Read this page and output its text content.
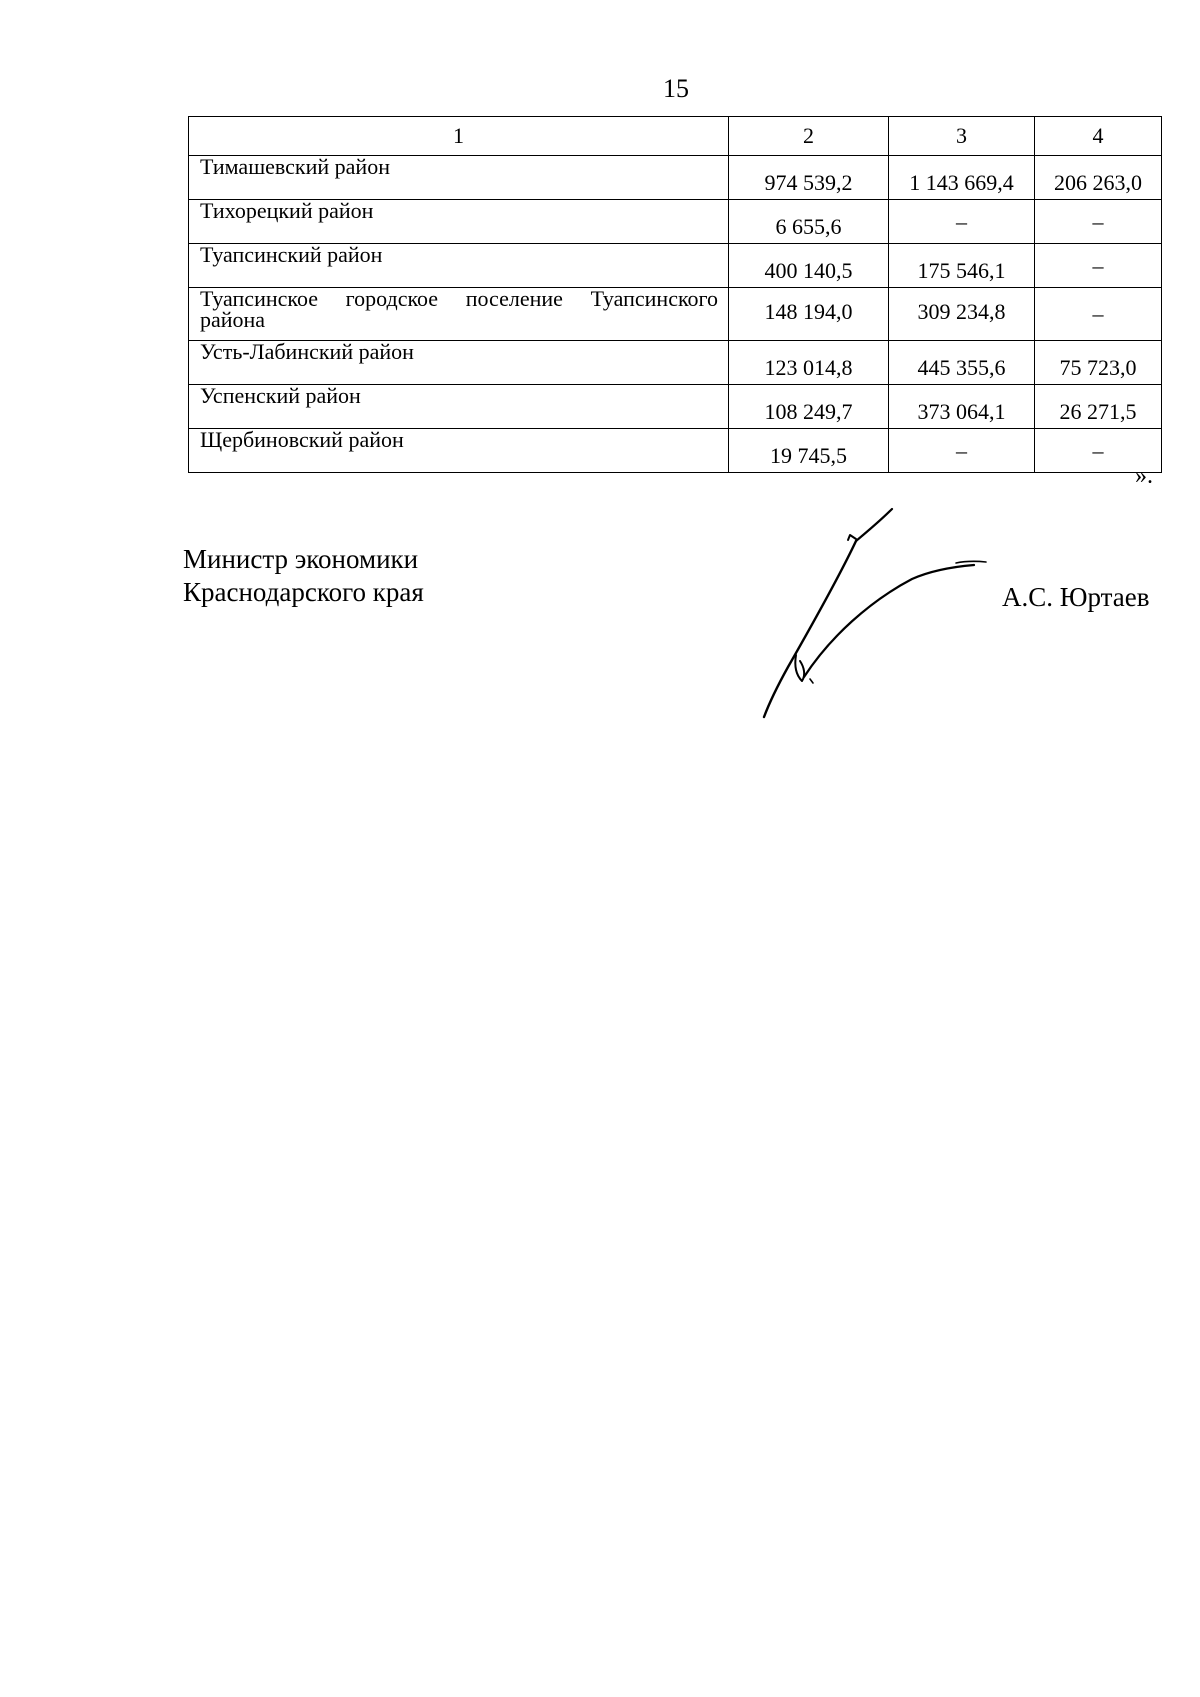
15
1	2	3	4
Тимашевский район	974 539,2	1 143 669,4	206 263,0
Тихорецкий район	6 655,6	–	–
Туапсинский район	400 140,5	175 546,1	–
Туапсинское городское поселение Туапсинского района	148 194,0	309 234,8	–
Усть-Лабинский район	123 014,8	445 355,6	75 723,0
Успенский район	108 249,7	373 064,1	26 271,5
Щербиновский район	19 745,5	–	–
».
Министр экономики
Краснодарского края	А.С. Юртаев
